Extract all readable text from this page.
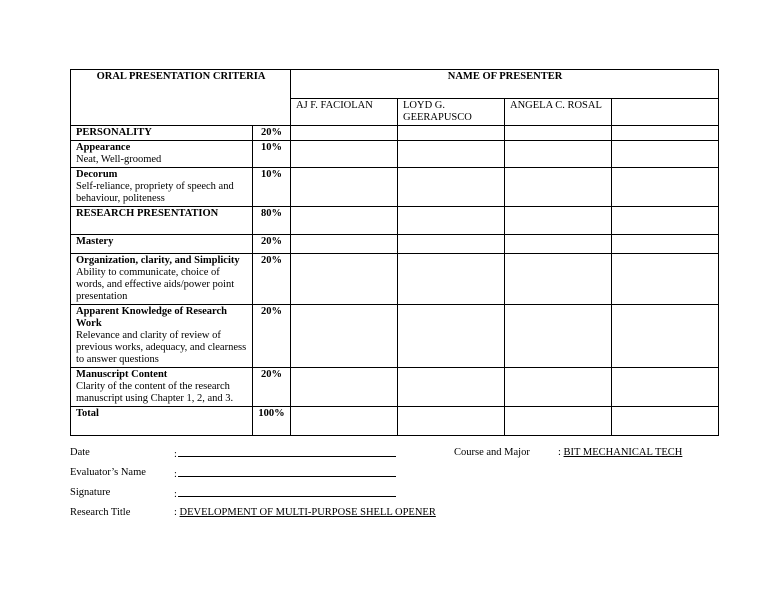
ORAL PRESENTATION CRITERIA		NAME OF PRESENTER			
		AJ F. FACIOLAN	LOYD G. GEERAPUSCO	ANGELA C. ROSAL	

PERSONALITY	20%				

Appearance
Neat, Well-groomed	10%				

Decorum
Self-reliance, propriety of speech and behaviour, politeness	10%				

RESEARCH PRESENTATION	80%				

Mastery	20%				

Organization, clarity, and Simplicity
Ability to communicate, choice of words, and effective aids/power point presentation	20%				

Apparent Knowledge of Research Work
Relevance and clarity of review of previous works, adequacy, and clearness to answer questions	20%				

Manuscript Content
Clarity of the content of the research manuscript using Chapter 1, 2, and 3.	20%				

Total	100%				
Date	:	Course and Major	: BIT MECHANICAL TECH
Evaluator’s Name	:
Signature	:
Research Title	: DEVELOPMENT OF MULTI-PURPOSE SHELL OPENER
